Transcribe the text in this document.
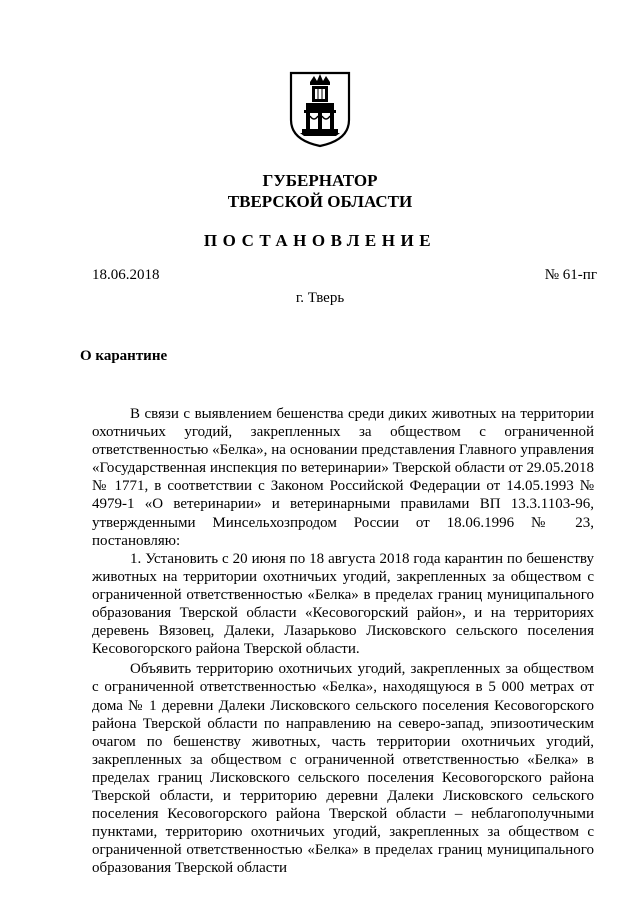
ГУБЕРНАТОР
ТВЕРСКОЙ ОБЛАСТИ
ПОСТАНОВЛЕНИЕ
18.06.2018	№ 61-пг
г. Тверь
О карантине

В связи с выявлением бешенства среди диких животных на территории охотничьих угодий, закрепленных за обществом с ограниченной ответственностью «Белка», на основании представления Главного управления «Государственная инспекция по ветеринарии» Тверской области от 29.05.2018 № 1771, в соответствии с Законом Российской Федерации от 14.05.1993 № 4979-1 «О ветеринарии» и ветеринарными правилами ВП 13.3.1103-96, утвержденными Минсельхозпродом России от 18.06.1996 № 23, постановляю:

1. Установить с 20 июня по 18 августа 2018 года карантин по бешенству животных на территории охотничьих угодий, закрепленных за обществом с ограниченной ответственностью «Белка» в пределах границ муниципального образования Тверской области «Кесовогорский район», и на территориях деревень Вязовец, Далеки, Лазарьково Лисковского сельского поселения Кесовогорского района Тверской области.

Объявить территорию охотничьих угодий, закрепленных за обществом с ограниченной ответственностью «Белка», находящуюся в 5 000 метрах от дома № 1 деревни Далеки Лисковского сельского поселения Кесовогорского района Тверской области по направлению на северо-запад, эпизоотическим очагом по бешенству животных, часть территории охотничьих угодий, закрепленных за обществом с ограниченной ответственностью «Белка» в пределах границ Лисковского сельского поселения Кесовогорского района Тверской области, и территорию деревни Далеки Лисковского сельского поселения Кесовогорского района Тверской области – неблагополучными пунктами, территорию охотничьих угодий, закрепленных за обществом с ограниченной ответственностью «Белка» в пределах границ муниципального образования Тверской области
